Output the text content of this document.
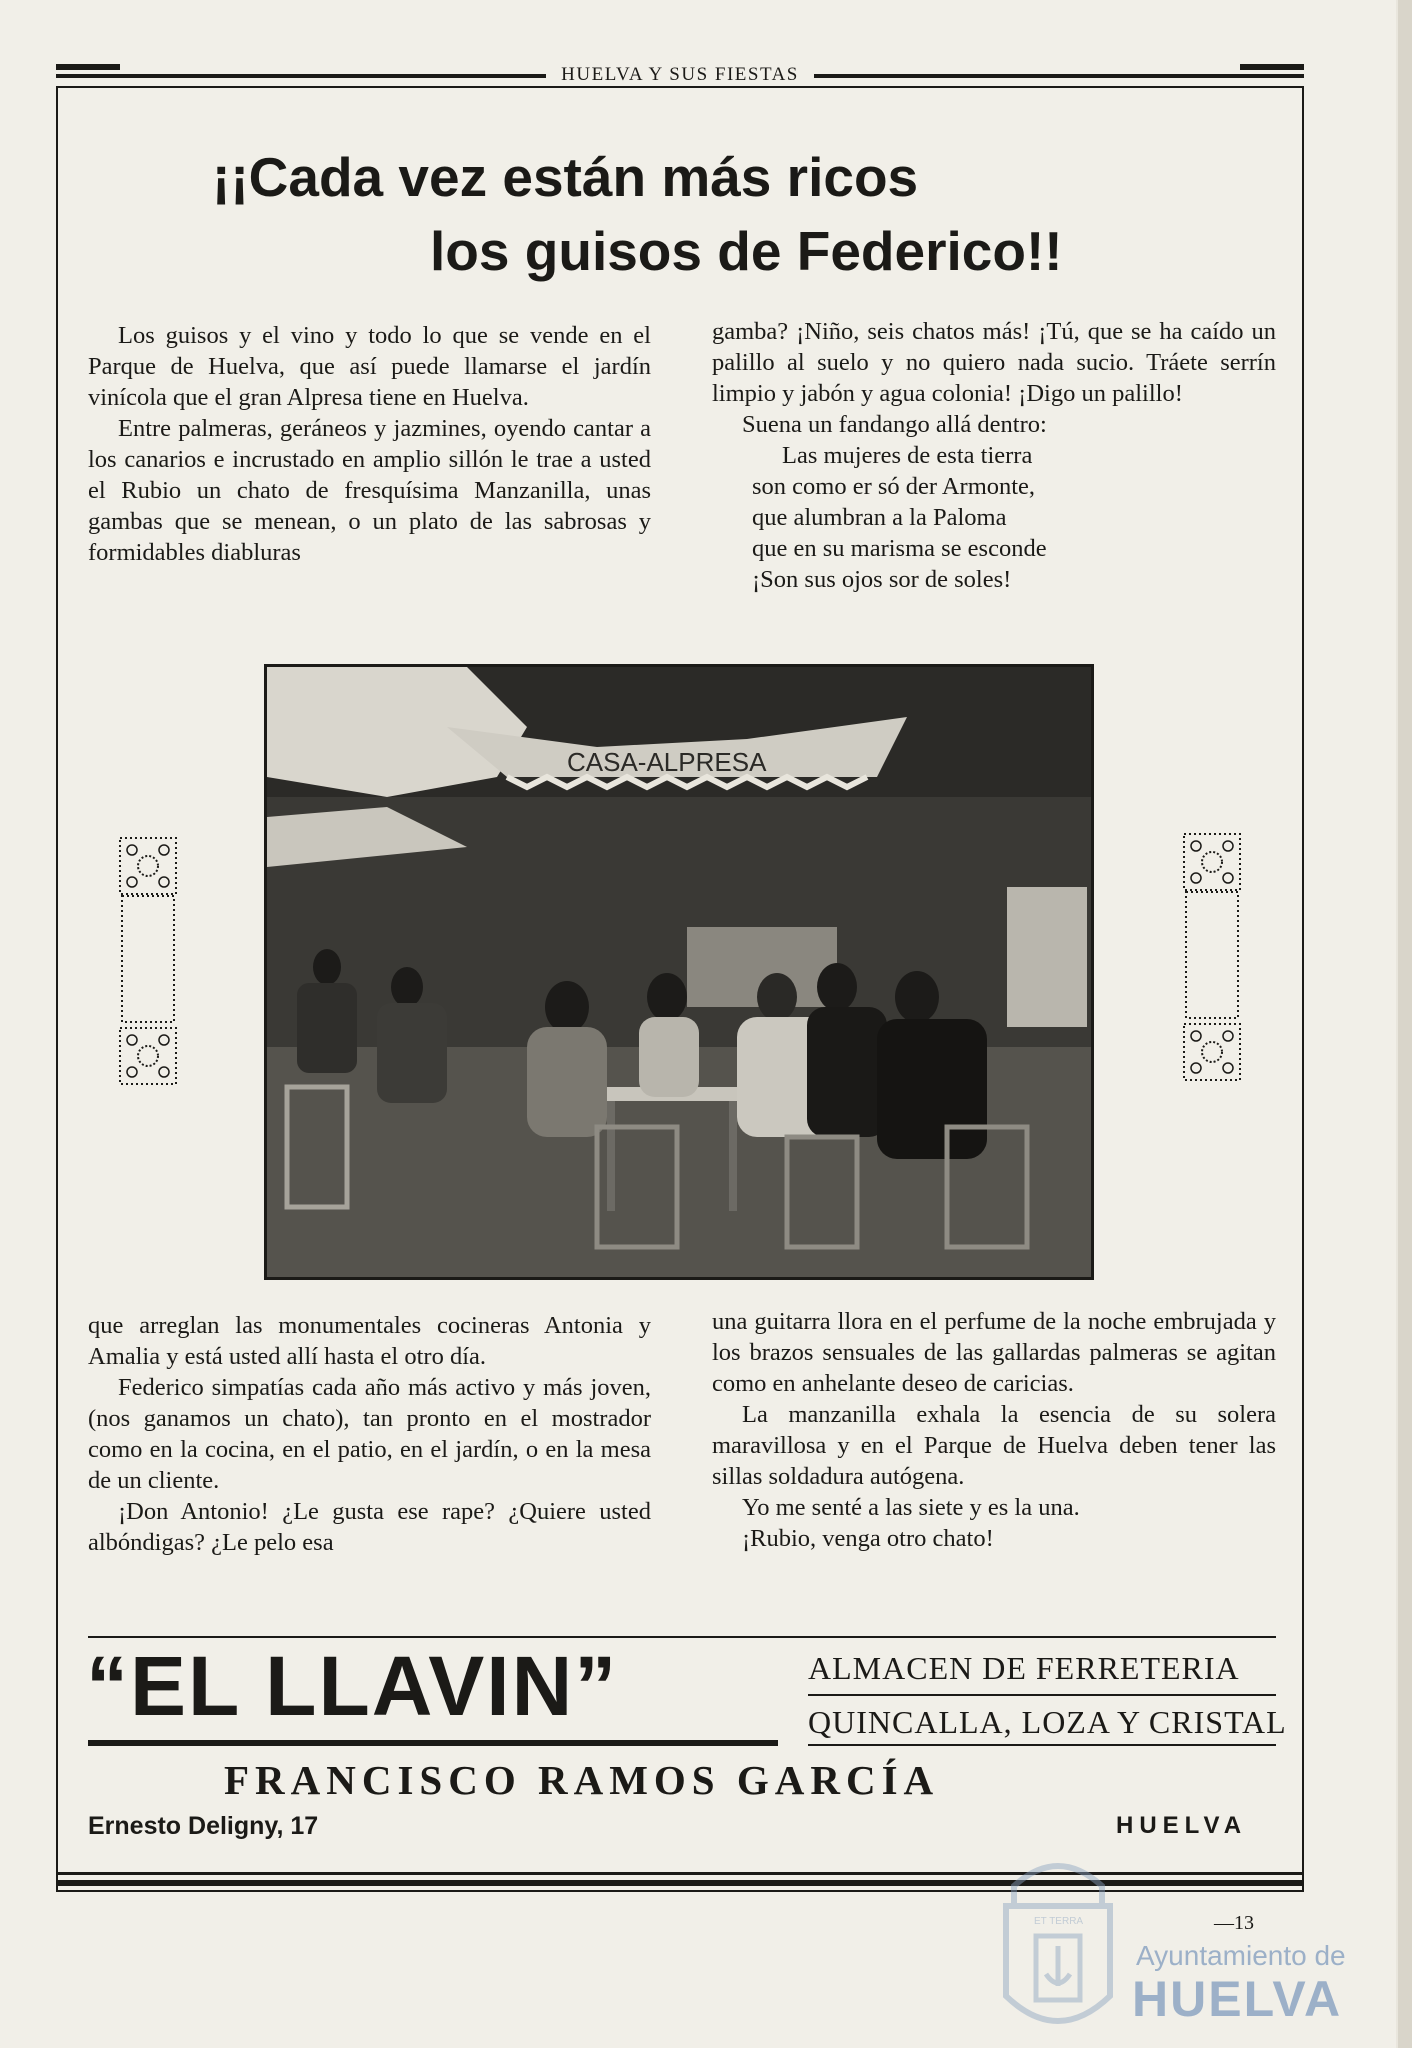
HUELVA Y SUS FIESTAS
¡¡Cada vez están más ricos
los guisos de Federico!!

Los guisos y el vino y todo lo que se vende en el Parque de Huelva, que así puede llamarse el jardín vinícola que el gran Alpresa tiene en Huelva.

Entre palmeras, geráneos y jazmines, oyendo cantar a los canarios e incrustado en amplio sillón le trae a usted el Rubio un chato de fresquísima Manzanilla, unas gambas que se menean, o un plato de las sabrosas y formidables diabluras

gamba? ¡Niño, seis chatos más! ¡Tú, que se ha caído un palillo al suelo y no quiero nada sucio. Tráete serrín limpio y jabón y agua colonia! ¡Digo un palillo!

Suena un fandango allá dentro:

Las mujeres de esta tierra

son como er só der Armonte,

que alumbran a la Paloma

que en su marisma se esconde

¡Son sus ojos sor de soles!

CASA-ALPRESA

que arreglan las monumentales cocineras Antonia y Amalia y está usted allí hasta el otro día.

Federico simpatías cada año más activo y más joven, (nos ganamos un chato), tan pronto en el mostrador como en la cocina, en el patio, en el jardín, o en la mesa de un cliente.

¡Don Antonio! ¿Le gusta ese rape? ¿Quiere usted albóndigas? ¿Le pelo esa

una guitarra llora en el perfume de la noche embrujada y los brazos sensuales de las gallardas palmeras se agitan como en anhelante deseo de caricias.

La manzanilla exhala la esencia de su solera maravillosa y en el Parque de Huelva deben tener las sillas soldadura autógena.

Yo me senté a las siete y es la una.

¡Rubio, venga otro chato!

“EL LLAVIN”	ALMACEN DE FERRETERIA
QUINCALLA, LOZA Y CRISTAL
FRANCISCO RAMOS GARCÍA
Ernesto Deligny, 17	HUELVA
—13
ET TERRA
Ayuntamiento de
HUELVA
